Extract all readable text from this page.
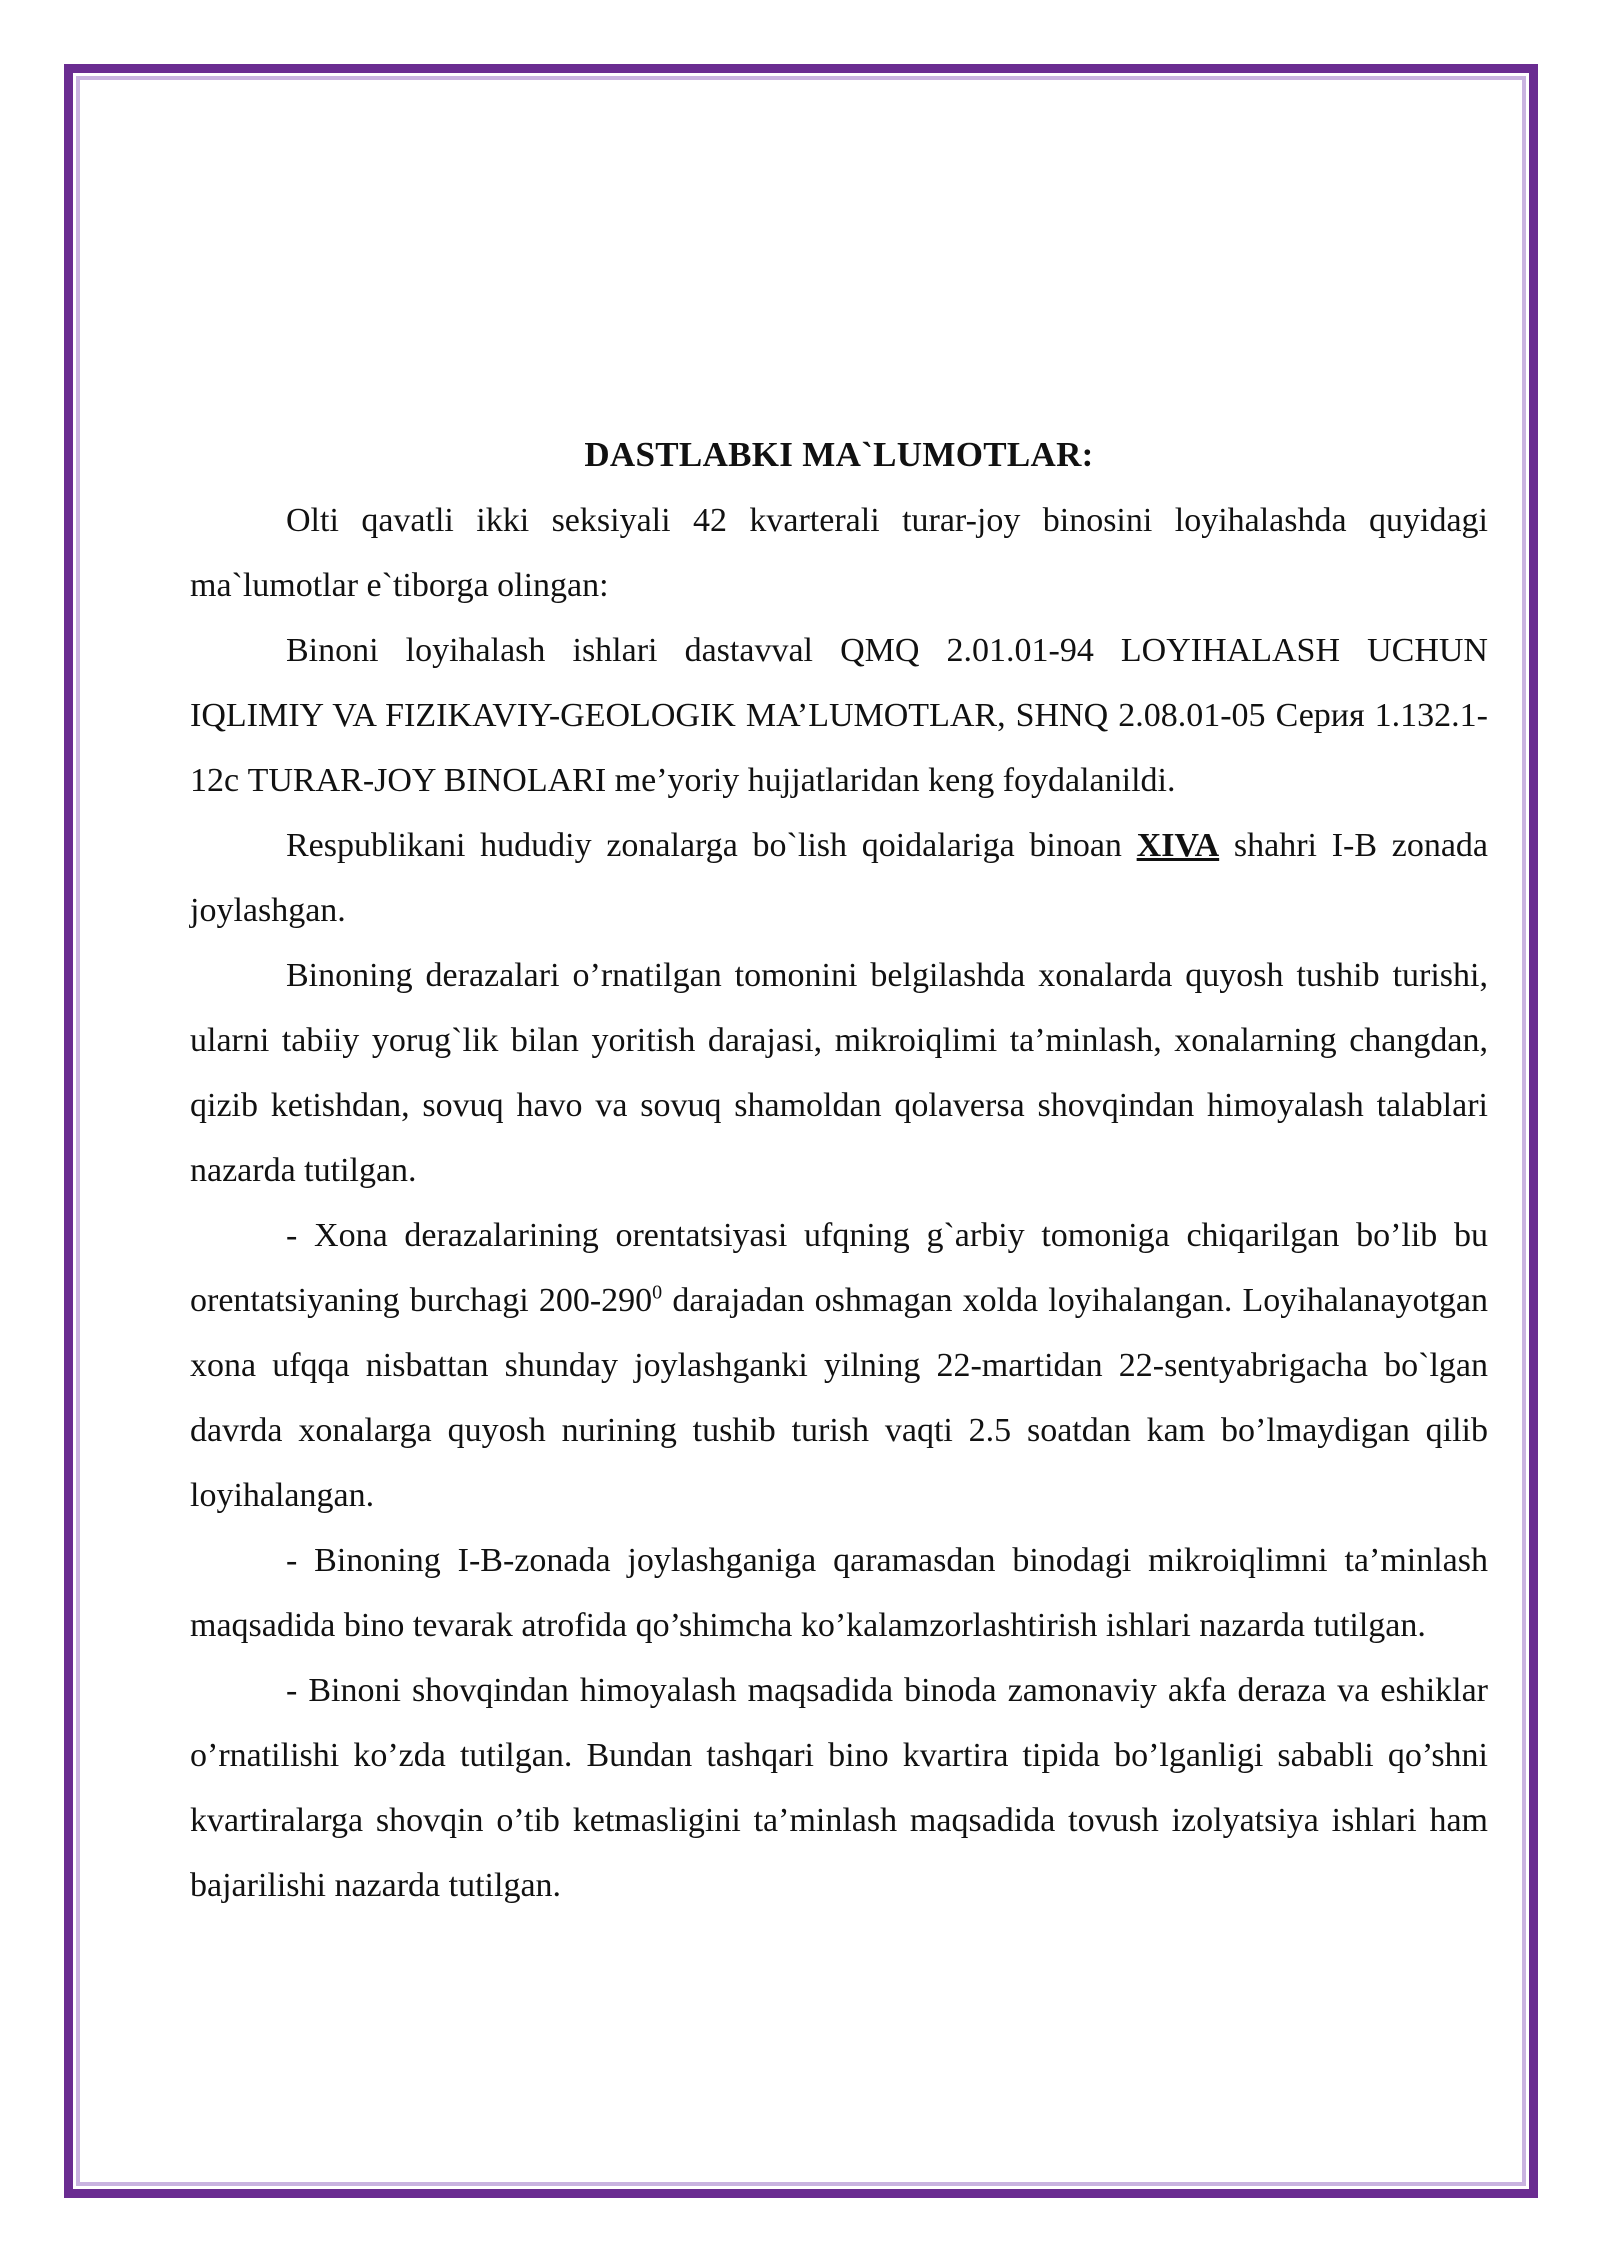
DASTLABKI MA`LUMOTLAR:

Olti qavatli ikki seksiyali 42 kvarterali turar-joy binosini loyihalashda quyidagi ma`lumotlar e`tiborga olingan:

Binoni loyihalash ishlari dastavval QMQ 2.01.01-94 LOYIHALASH UCHUN IQLIMIY VA FIZIKAVIY-GEOLOGIK MA’LUMOTLAR, SHNQ 2.08.01-05 Серия 1.132.1-12с TURAR-JOY BINOLARI me’yoriy hujjatlaridan keng foydalanildi.

Respublikani hududiy zonalarga bo`lish qoidalariga binoan XIVA shahri I-B zonada joylashgan.

Binoning derazalari o’rnatilgan tomonini belgilashda xonalarda quyosh tushib turishi, ularni tabiiy yorug`lik bilan yoritish darajasi, mikroiqlimi ta’minlash, xonalarning changdan, qizib ketishdan, sovuq havo va sovuq shamoldan qolaversa shovqindan himoyalash talablari nazarda tutilgan.

- Xona derazalarining orentatsiyasi ufqning g`arbiy tomoniga chiqarilgan bo’lib bu orentatsiyaning burchagi $200-290^0$ darajadan oshmagan xolda loyihalangan. Loyihalanayotgan xona ufqqa nisbattan shunday joylashganki yilning 22-martidan 22-sentyabrigacha bo`lgan davrda xonalarga quyosh nurining tushib turish vaqti 2.5 soatdan kam bo’lmaydigan qilib loyihalangan.

- Binoning I-B-zonada joylashganiga qaramasdan binodagi mikroiqlimni ta’minlash maqsadida bino tevarak atrofida qo’shimcha ko’kalamzorlashtirish ishlari nazarda tutilgan.

- Binoni shovqindan himoyalash maqsadida binoda zamonaviy akfa deraza va eshiklar o’rnatilishi ko’zda tutilgan. Bundan tashqari bino kvartira tipida bo’lganligi sababli qo’shni kvartiralarga shovqin o’tib ketmasligini ta’minlash maqsadida tovush izolyatsiya ishlari ham bajarilishi nazarda tutilgan.
